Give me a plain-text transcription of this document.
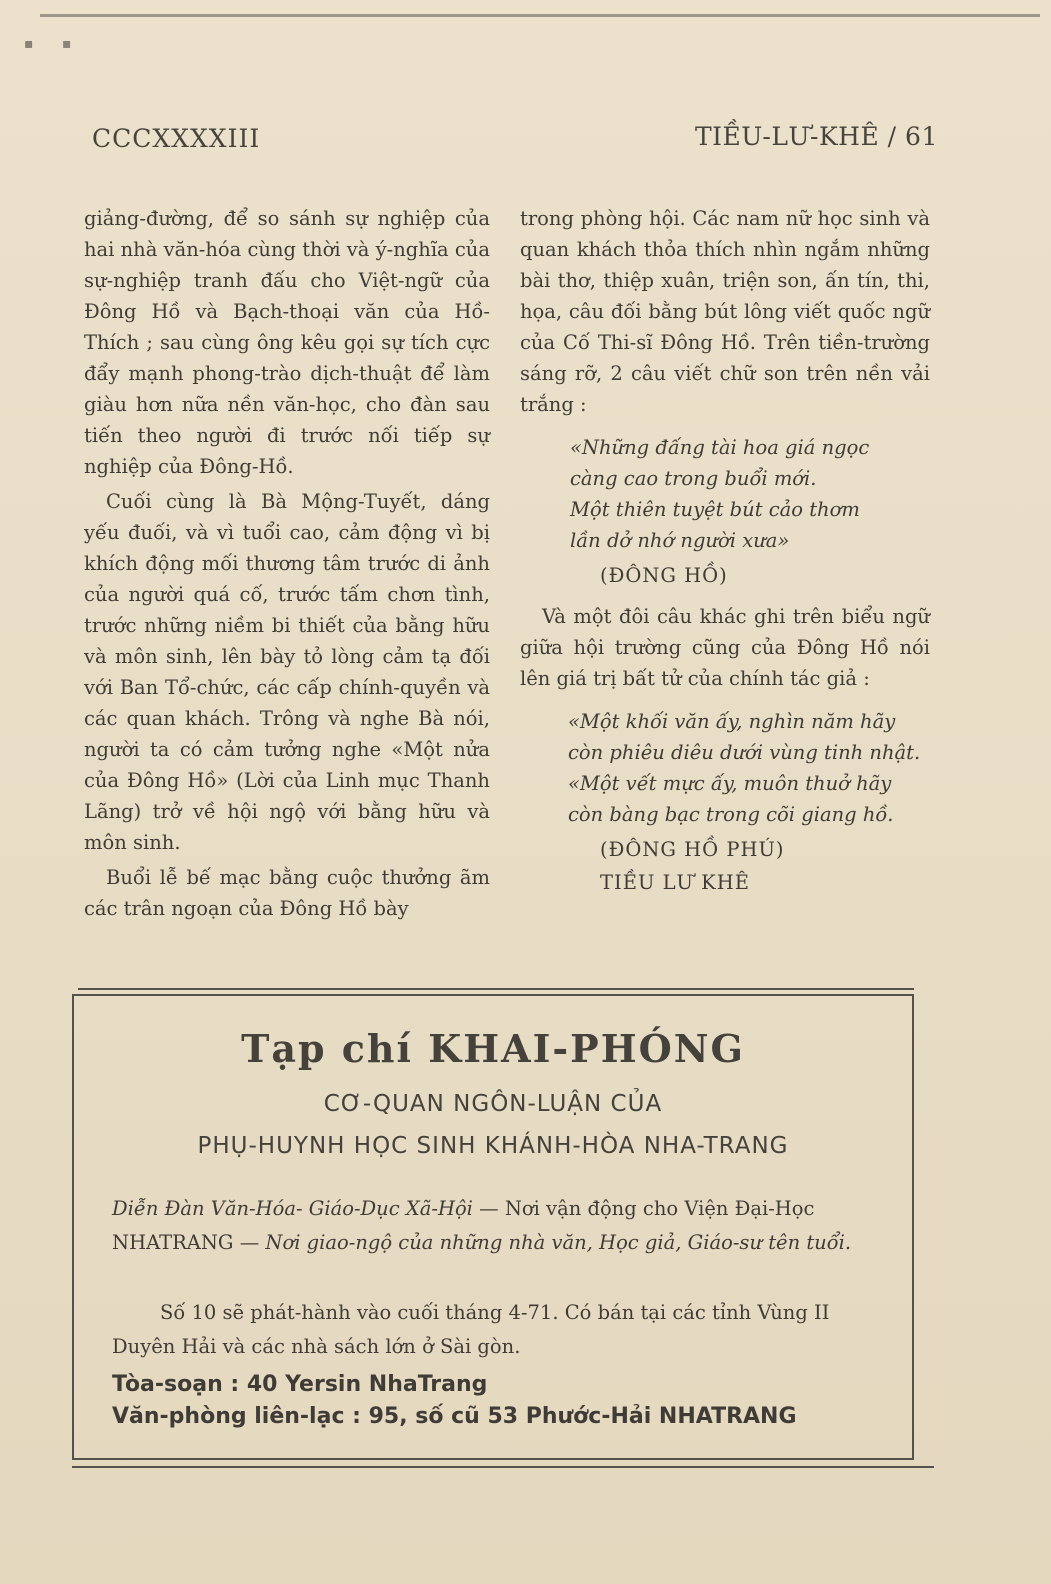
▪ ▪
CCCXXXXIII	TIỀU-LƯ-KHÊ / 61

giảng-đường, để so sánh sự nghiệp của hai nhà văn-hóa cùng thời và ý-nghĩa của sự-nghiệp tranh đấu cho Việt-ngữ của Đông Hồ và Bạch-thoại văn của Hồ-Thích ; sau cùng ông kêu gọi sự tích cực đẩy mạnh phong-trào dịch-thuật để làm giàu hơn nữa nền văn-học, cho đàn sau tiến theo người đi trước nối tiếp sự nghiệp của Đông-Hồ.

Cuối cùng là Bà Mộng-Tuyết, dáng yếu đuối, và vì tuổi cao, cảm động vì bị khích động mối thương tâm trước di ảnh của người quá cố, trước tấm chơn tình, trước những niềm bi thiết của bằng hữu và môn sinh, lên bày tỏ lòng cảm tạ đối với Ban Tổ-chức, các cấp chính-quyền và các quan khách. Trông và nghe Bà nói, người ta có cảm tưởng nghe «Một nửa của Đông Hồ» (Lời của Linh mục Thanh Lãng) trở về hội ngộ với bằng hữu và môn sinh.

Buổi lễ bế mạc bằng cuộc thưởng ãm các trân ngoạn của Đông Hồ bày

trong phòng hội. Các nam nữ học sinh và quan khách thỏa thích nhìn ngắm những bài thơ, thiệp xuân, triện son, ấn tín, thi, họa, câu đối bằng bút lông viết quốc ngữ của Cố Thi-sĩ Đông Hồ. Trên tiền-trường sáng rỡ, 2 câu viết chữ son trên nền vải trắng :

«Những đấng tài hoa giá ngọc
càng cao trong buổi mới.
Một thiên tuyệt bút cảo thơm
lần dở nhớ người xưa»

(ĐÔNG HỒ)

Và một đôi câu khác ghi trên biểu ngữ giữa hội trường cũng của Đông Hồ nói lên giá trị bất tử của chính tác giả :

«Một khối văn ấy, nghìn năm hãy
còn phiêu diêu dưới vùng tinh nhật.
«Một vết mực ấy, muôn thuở hãy
còn bàng bạc trong cõi giang hồ.

(ĐÔNG HỒ PHÚ)

TIỀU LƯ KHÊ

Tạp chí KHAI-PHÓNG
CƠ-QUAN NGÔN-LUẬN CỦA
PHỤ-HUYNH HỌC SINH KHÁNH-HÒA NHA-TRANG

Diễn Đàn Văn-Hóa- Giáo-Dục Xã-Hội — Nơi vận động cho Viện Đại-Học NHATRANG — Nơi giao-ngộ của những nhà văn, Học giả, Giáo-sư tên tuổi.

Số 10 sẽ phát-hành vào cuối tháng 4-71. Có bán tại các tỉnh Vùng II Duyên Hải và các nhà sách lớn ở Sài gòn.

Tòa-soạn : 40 Yersin NhaTrang
Văn-phòng liên-lạc : 95, số cũ 53 Phước-Hải NHATRANG
